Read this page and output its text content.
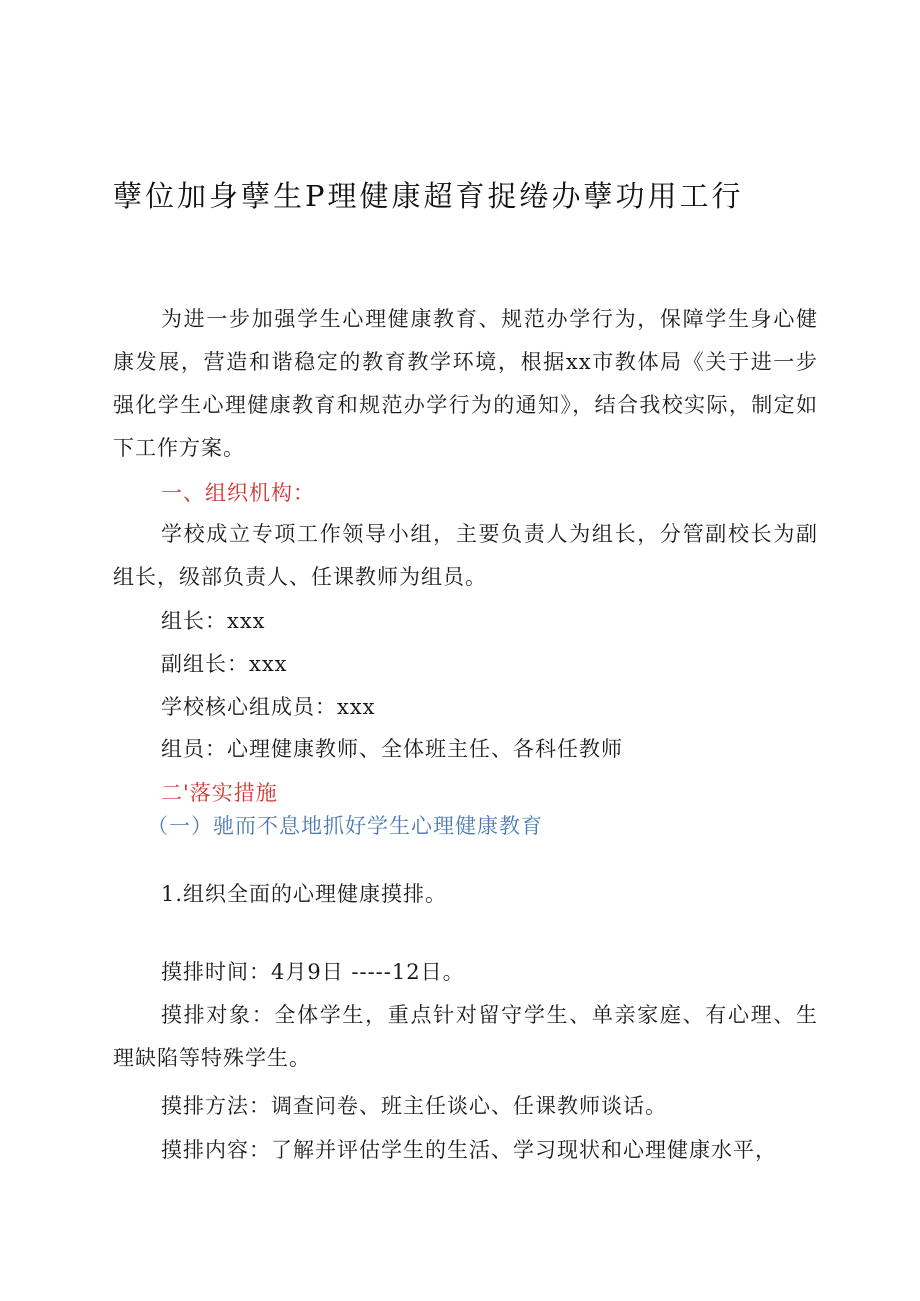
孽位加身孽生P理健康超育捉绻办孽功用工行
为进一步加强学生心理健康教育、规范办学行为，保障学生身心健康发展，营造和谐稳定的教育教学环境，根据xx市教体局《关于进一步强化学生心理健康教育和规范办学行为的通知》，结合我校实际，制定如下工作方案。
一、组织机构：
学校成立专项工作领导小组，主要负责人为组长，分管副校长为副组长，级部负责人、任课教师为组员。
组长：xxx
副组长：xxx
学校核心组成员：xxx
组员：心理健康教师、全体班主任、各科任教师
二'落实措施
（一）驰而不息地抓好学生心理健康教育
1.组织全面的心理健康摸排。
摸排时间：4月9日 -----12日。
摸排对象：全体学生，重点针对留守学生、单亲家庭、有心理、生理缺陷等特殊学生。
摸排方法：调查问卷、班主任谈心、任课教师谈话。
摸排内容：了解并评估学生的生活、学习现状和心理健康水平，
